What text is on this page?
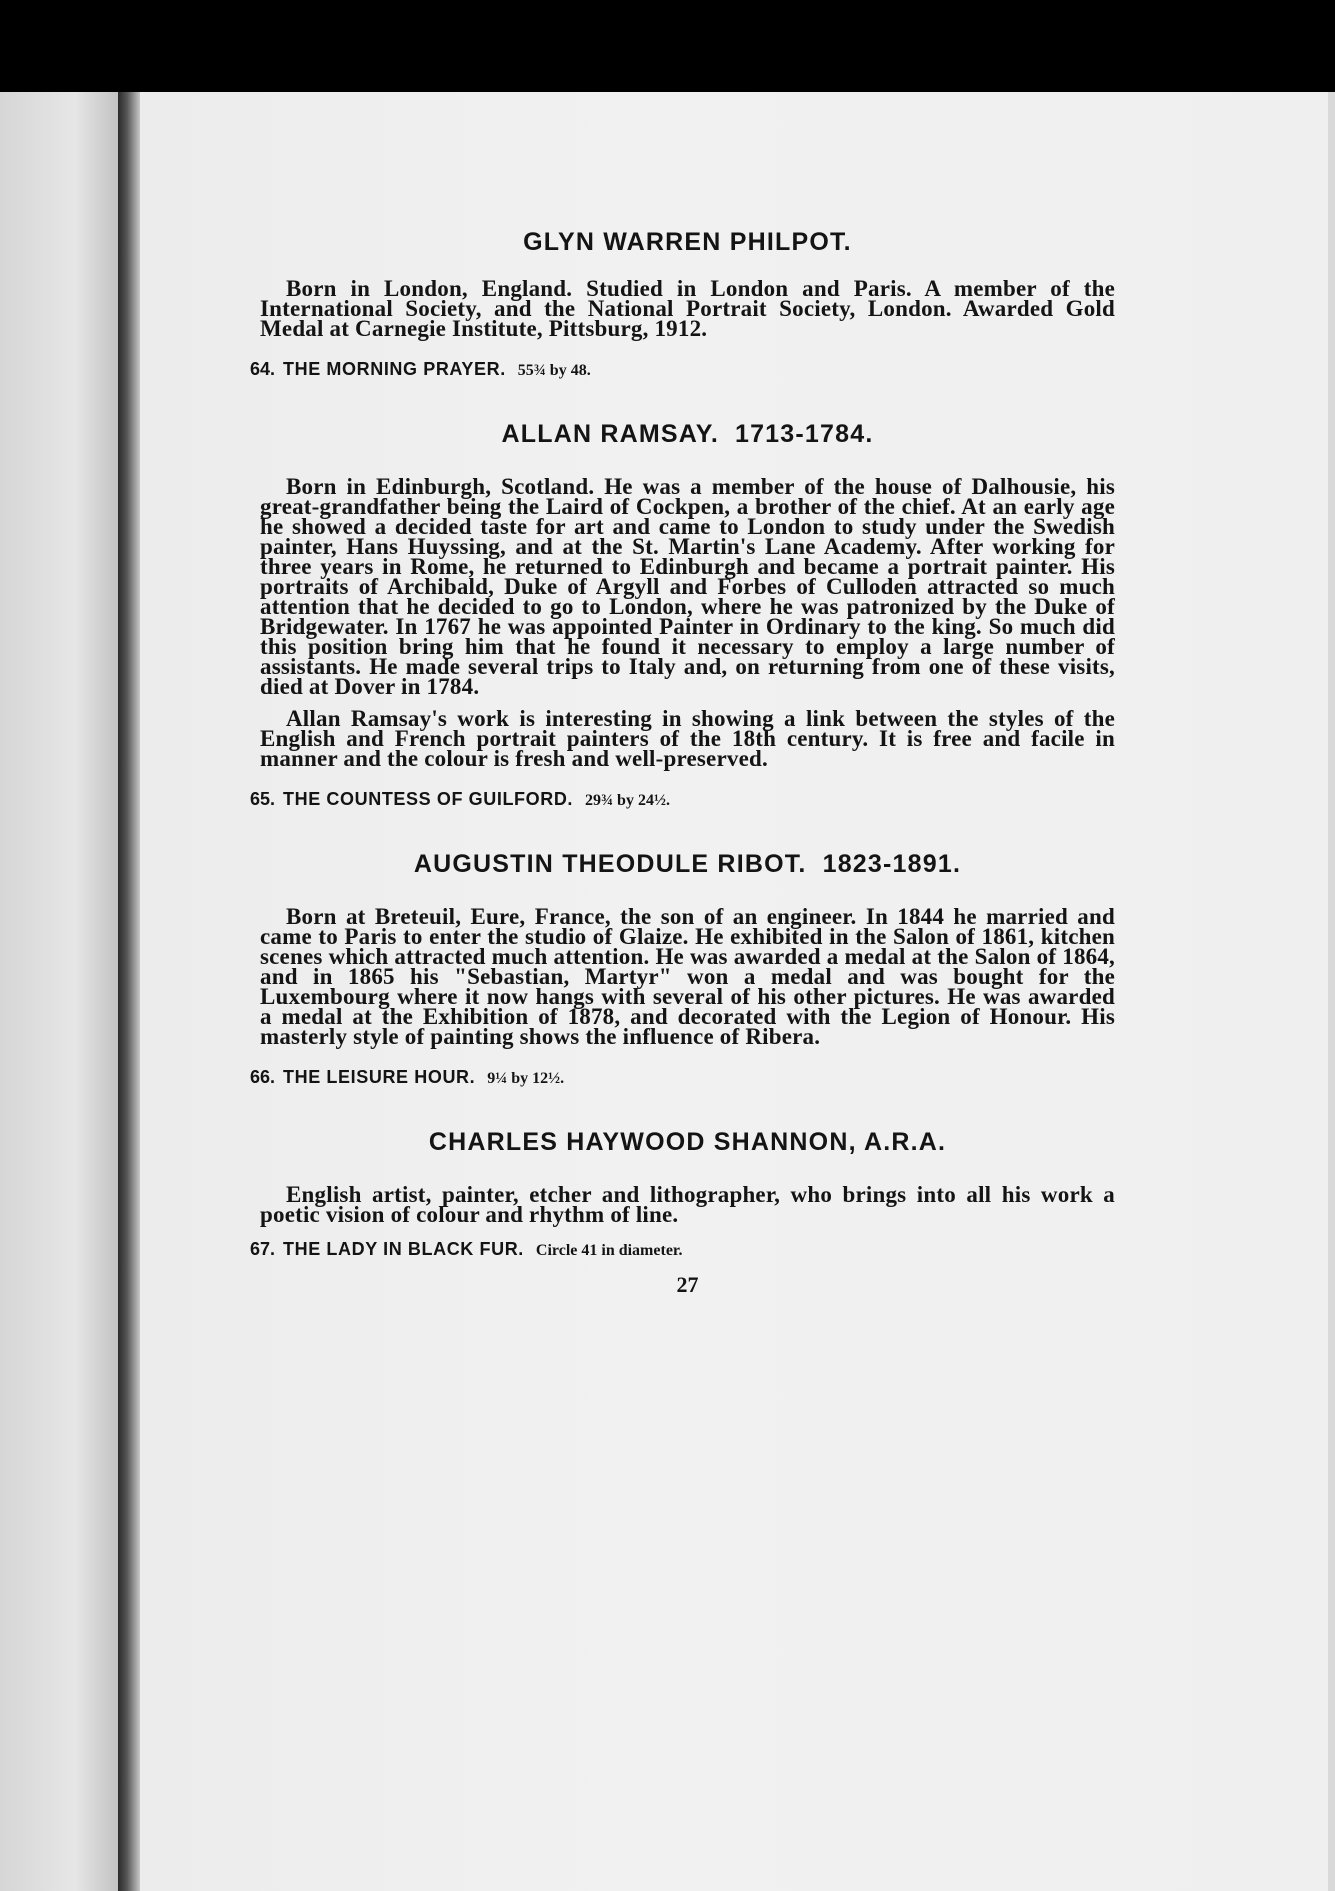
GLYN WARREN PHILPOT.

Born in London, England. Studied in London and Paris. A member of the International Society, and the National Portrait Society, London. Awarded Gold Medal at Carnegie Institute, Pittsburg, 1912.

64. THE MORNING PRAYER. 55¾ by 48.

ALLAN RAMSAY. 1713-1784.

Born in Edinburgh, Scotland. He was a member of the house of Dalhousie, his great-grandfather being the Laird of Cockpen, a brother of the chief. At an early age he showed a decided taste for art and came to London to study under the Swedish painter, Hans Huyssing, and at the St. Martin's Lane Academy. After working for three years in Rome, he returned to Edinburgh and became a portrait painter. His portraits of Archibald, Duke of Argyll and Forbes of Culloden attracted so much attention that he decided to go to London, where he was patronized by the Duke of Bridgewater. In 1767 he was appointed Painter in Ordinary to the king. So much did this position bring him that he found it necessary to employ a large number of assistants. He made several trips to Italy and, on returning from one of these visits, died at Dover in 1784.

Allan Ramsay's work is interesting in showing a link between the styles of the English and French portrait painters of the 18th century. It is free and facile in manner and the colour is fresh and well-preserved.

65. THE COUNTESS OF GUILFORD. 29¾ by 24½.

AUGUSTIN THEODULE RIBOT. 1823-1891.

Born at Breteuil, Eure, France, the son of an engineer. In 1844 he married and came to Paris to enter the studio of Glaize. He exhibited in the Salon of 1861, kitchen scenes which attracted much attention. He was awarded a medal at the Salon of 1864, and in 1865 his "Sebastian, Martyr" won a medal and was bought for the Luxembourg where it now hangs with several of his other pictures. He was awarded a medal at the Exhibition of 1878, and decorated with the Legion of Honour. His masterly style of painting shows the influence of Ribera.

66. THE LEISURE HOUR. 9¼ by 12½.

CHARLES HAYWOOD SHANNON, A.R.A.

English artist, painter, etcher and lithographer, who brings into all his work a poetic vision of colour and rhythm of line.

67. THE LADY IN BLACK FUR. Circle 41 in diameter.

27
